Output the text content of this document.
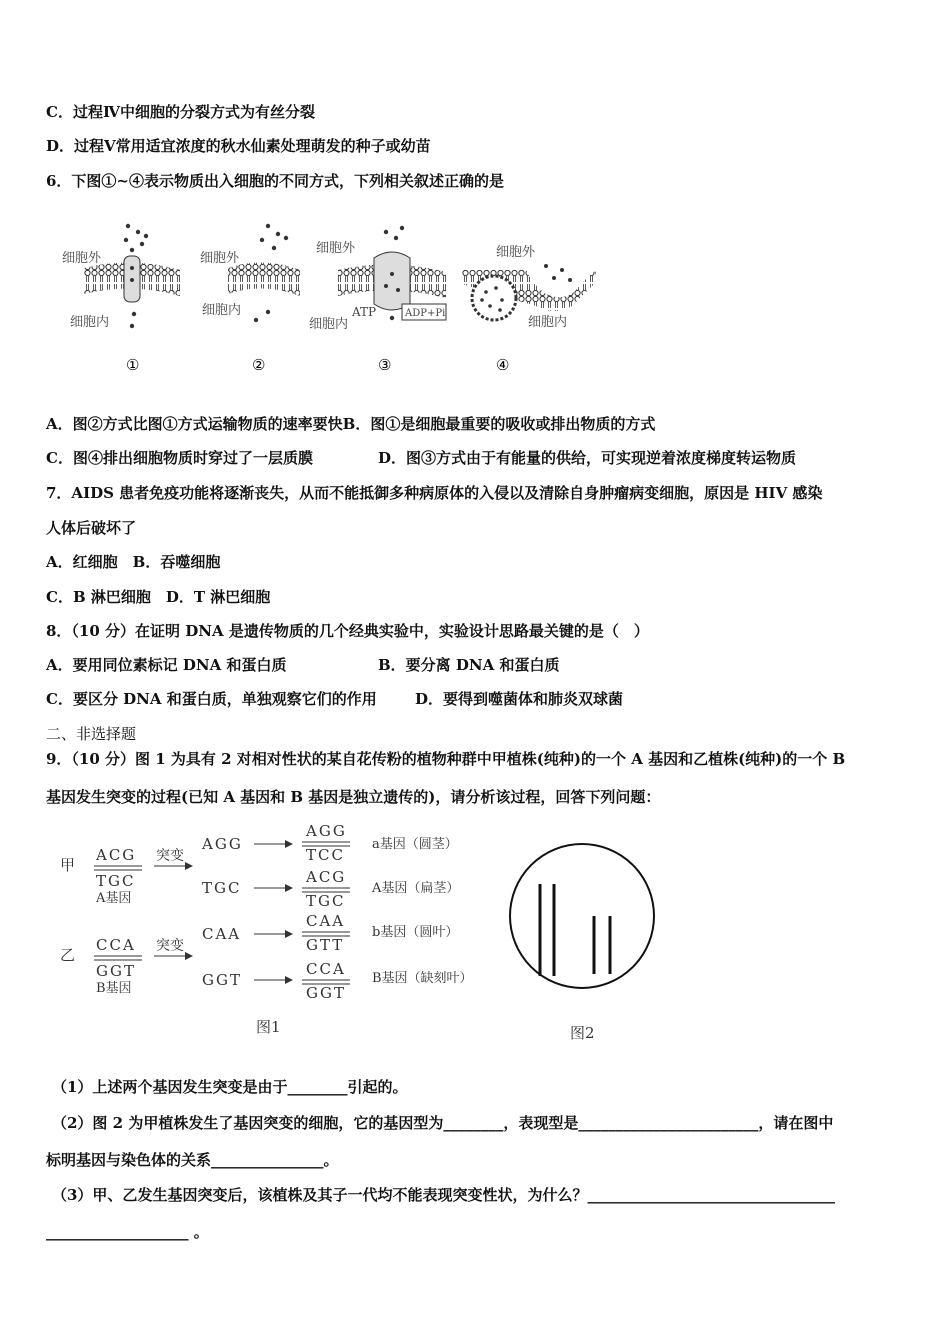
C．过程Ⅳ中细胞的分裂方式为有丝分裂
D．过程Ⅴ常用适宜浓度的秋水仙素处理萌发的种子或幼苗
6．下图①~④表示物质出入细胞的不同方式，下列相关叙述正确的是
细胞外
细胞内
①
细胞外
细胞内
②
细胞外
细胞内
ATP	ADP+Pi
③
细胞外
细胞内
④
A．图②方式比图①方式运输物质的速率要快B．图①是细胞最重要的吸收或排出物质的方式
C．图④排出细胞物质时穿过了一层质膜	D．图③方式由于有能量的供给，可实现逆着浓度梯度转运物质
7．AIDS 患者免疫功能将逐渐丧失，从而不能抵御多种病原体的入侵以及清除自身肿瘤病变细胞，原因是 HIV 感染
人体后破坏了
A．红细胞　B．吞噬细胞
C．B 淋巴细胞　D．T 淋巴细胞
8．（10 分）在证明 DNA 是遗传物质的几个经典实验中，实验设计思路最关键的是（　）
A．要用同位素标记 DNA 和蛋白质	B．要分离 DNA 和蛋白质
C．要区分 DNA 和蛋白质，单独观察它们的作用	D．要得到噬菌体和肺炎双球菌
二、非选择题
9．（10 分）图 1 为具有 2 对相对性状的某自花传粉的植物种群中甲植株(纯种)的一个 A 基因和乙植株(纯种)的一个 B
基因发生突变的过程(已知 A 基因和 B 基因是独立遗传的)，请分析该过程，回答下列问题：
甲
乙
ACG
TGC
A基因
突变
AGG
AGG
TCC
a基因（圆茎）
TGC
ACG
TGC
A基因（扁茎）
CCA
GGT
B基因
突变
CAA
CAA
GTT
b基因（圆叶）
GGT
CCA
GGT
B基因（缺刻叶）
图1	图2
（1）上述两个基因发生突变是由于________引起的。
（2）图 2 为甲植株发生了基因突变的细胞，它的基因型为________，表现型是________________________，请在图中
标明基因与染色体的关系_______________。
（3）甲、乙发生基因突变后，该植株及其子一代均不能表现突变性状，为什么？_________________________________
___________________ 。
